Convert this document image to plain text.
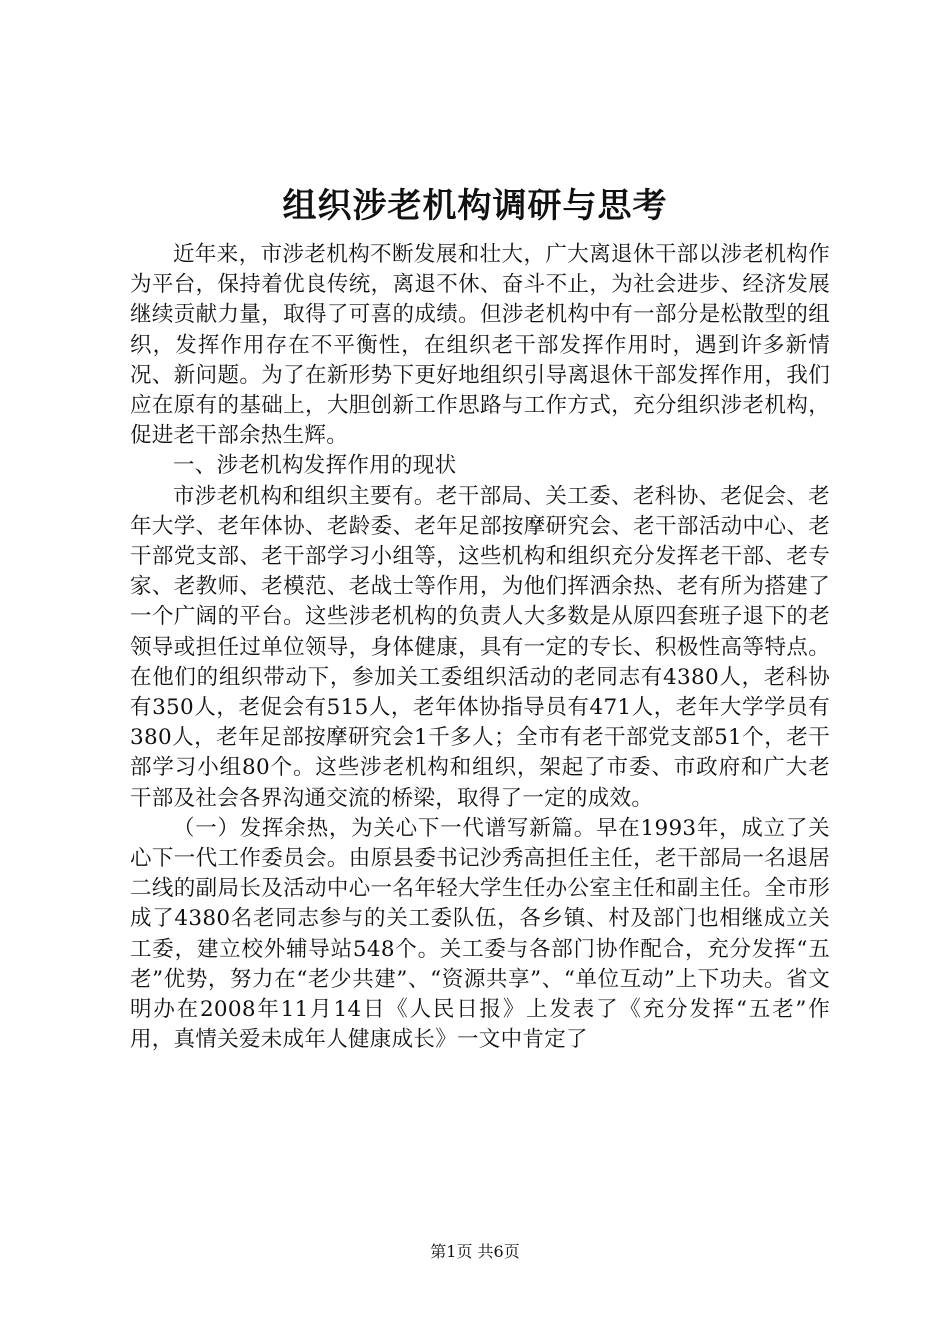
组织涉老机构调研与思考

近年来，市涉老机构不断发展和壮大，广大离退休干部以涉老机构作为平台，保持着优良传统，离退不休、奋斗不止，为社会进步、经济发展继续贡献力量，取得了可喜的成绩。但涉老机构中有一部分是松散型的组织，发挥作用存在不平衡性，在组织老干部发挥作用时，遇到许多新情况、新问题。为了在新形势下更好地组织引导离退休干部发挥作用，我们应在原有的基础上，大胆创新工作思路与工作方式，充分组织涉老机构，促进老干部余热生辉。

一、涉老机构发挥作用的现状

市涉老机构和组织主要有。老干部局、关工委、老科协、老促会、老年大学、老年体协、老龄委、老年足部按摩研究会、老干部活动中心、老干部党支部、老干部学习小组等，这些机构和组织充分发挥老干部、老专家、老教师、老模范、老战士等作用，为他们挥洒余热、老有所为搭建了一个广阔的平台。这些涉老机构的负责人大多数是从原四套班子退下的老领导或担任过单位领导，身体健康，具有一定的专长、积极性高等特点。在他们的组织带动下，参加关工委组织活动的老同志有4380人，老科协有350人，老促会有515人，老年体协指导员有471人，老年大学学员有380人，老年足部按摩研究会1千多人；全市有老干部党支部51个，老干部学习小组80个。这些涉老机构和组织，架起了市委、市政府和广大老干部及社会各界沟通交流的桥梁，取得了一定的成效。

（一）发挥余热，为关心下一代谱写新篇。早在1993年，成立了关心下一代工作委员会。由原县委书记沙秀高担任主任，老干部局一名退居二线的副局长及活动中心一名年轻大学生任办公室主任和副主任。全市形成了4380名老同志参与的关工委队伍，各乡镇、村及部门也相继成立关工委，建立校外辅导站548个。关工委与各部门协作配合，充分发挥“五老”优势，努力在“老少共建”、“资源共享”、“单位互动”上下功夫。省文明办在2008年11月14日《人民日报》上发表了《充分发挥“五老”作用，真情关爱未成年人健康成长》一文中肯定了

第1页 共6页
